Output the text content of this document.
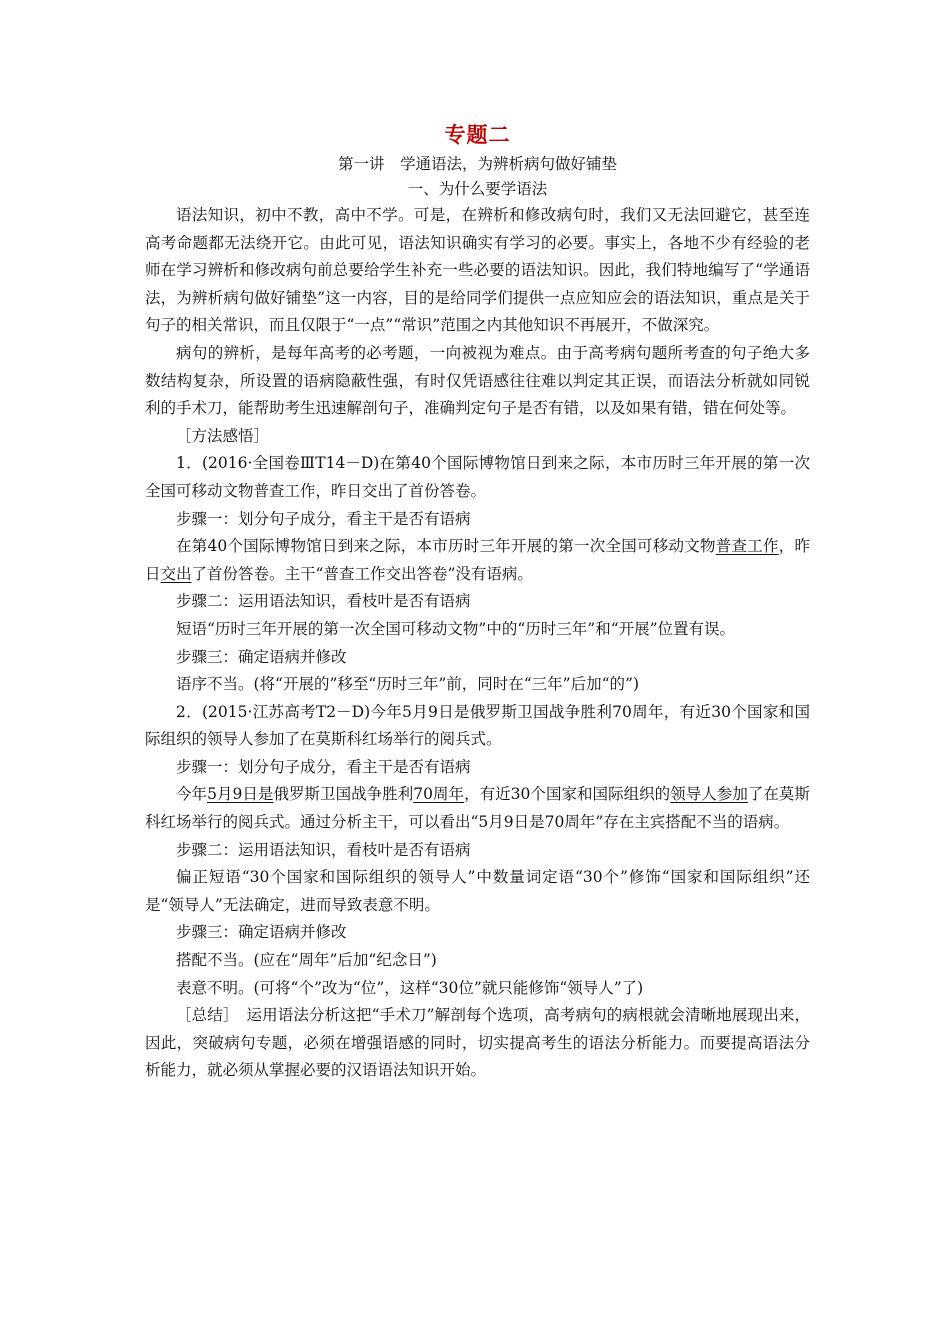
专题二
第一讲　学通语法，为辨析病句做好铺垫
一、为什么要学语法

语法知识，初中不教，高中不学。可是，在辨析和修改病句时，我们又无法回避它，甚至连高考命题都无法绕开它。由此可见，语法知识确实有学习的必要。事实上，各地不少有经验的老师在学习辨析和修改病句前总要给学生补充一些必要的语法知识。因此，我们特地编写了“学通语法，为辨析病句做好铺垫”这一内容，目的是给同学们提供一点应知应会的语法知识，重点是关于句子的相关常识，而且仅限于“一点”“常识”范围之内其他知识不再展开，不做深究。

病句的辨析，是每年高考的必考题，一向被视为难点。由于高考病句题所考查的句子绝大多数结构复杂，所设置的语病隐蔽性强，有时仅凭语感往往难以判定其正误，而语法分析就如同锐利的手术刀，能帮助考生迅速解剖句子，准确判定句子是否有错，以及如果有错，错在何处等。

［方法感悟］

1．(2016·全国卷ⅢT14－D)在第40个国际博物馆日到来之际，本市历时三年开展的第一次全国可移动文物普查工作，昨日交出了首份答卷。

步骤一：划分句子成分，看主干是否有语病

在第40个国际博物馆日到来之际，本市历时三年开展的第一次全国可移动文物普查工作，昨日交出了首份答卷。主干“普查工作交出答卷”没有语病。

步骤二：运用语法知识，看枝叶是否有语病

短语“历时三年开展的第一次全国可移动文物”中的“历时三年”和“开展”位置有误。

步骤三：确定语病并修改

语序不当。(将“开展的”移至“历时三年”前，同时在“三年”后加“的”)

2．(2015·江苏高考T2－D)今年5月9日是俄罗斯卫国战争胜利70周年，有近30个国家和国际组织的领导人参加了在莫斯科红场举行的阅兵式。

步骤一：划分句子成分，看主干是否有语病

今年5月9日是俄罗斯卫国战争胜利70周年，有近30个国家和国际组织的领导人参加了在莫斯科红场举行的阅兵式。通过分析主干，可以看出“5月9日是70周年”存在主宾搭配不当的语病。

步骤二：运用语法知识，看枝叶是否有语病

偏正短语“30个国家和国际组织的领导人”中数量词定语“30个”修饰“国家和国际组织”还是“领导人”无法确定，进而导致表意不明。

步骤三：确定语病并修改

搭配不当。(应在“周年”后加“纪念日”)

表意不明。(可将“个”改为“位”，这样“30位”就只能修饰“领导人”了)

［总结］　运用语法分析这把“手术刀”解剖每个选项，高考病句的病根就会清晰地展现出来，因此，突破病句专题，必须在增强语感的同时，切实提高考生的语法分析能力。而要提高语法分析能力，就必须从掌握必要的汉语语法知识开始。
